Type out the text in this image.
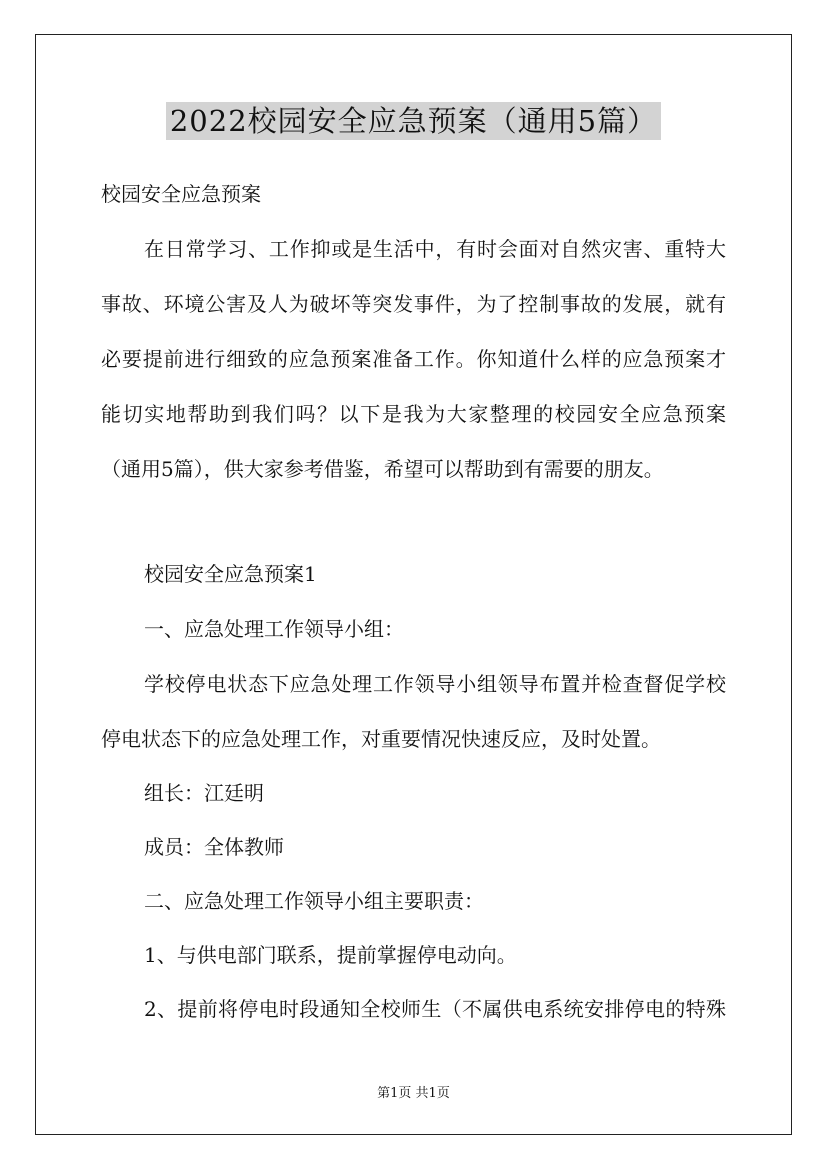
2022校园安全应急预案（通用5篇）
校园安全应急预案
在日常学习、工作抑或是生活中，有时会面对自然灾害、重特大
事故、环境公害及人为破坏等突发事件，为了控制事故的发展，就有
必要提前进行细致的应急预案准备工作。你知道什么样的应急预案才
能切实地帮助到我们吗？以下是我为大家整理的校园安全应急预案
（通用5篇），供大家参考借鉴，希望可以帮助到有需要的朋友。
校园安全应急预案1
一、应急处理工作领导小组：
学校停电状态下应急处理工作领导小组领导布置并检查督促学校
停电状态下的应急处理工作，对重要情况快速反应，及时处置。
组长：江廷明
成员：全体教师
二、应急处理工作领导小组主要职责：
1、与供电部门联系，提前掌握停电动向。
2、提前将停电时段通知全校师生（不属供电系统安排停电的特殊
第1页 共1页
